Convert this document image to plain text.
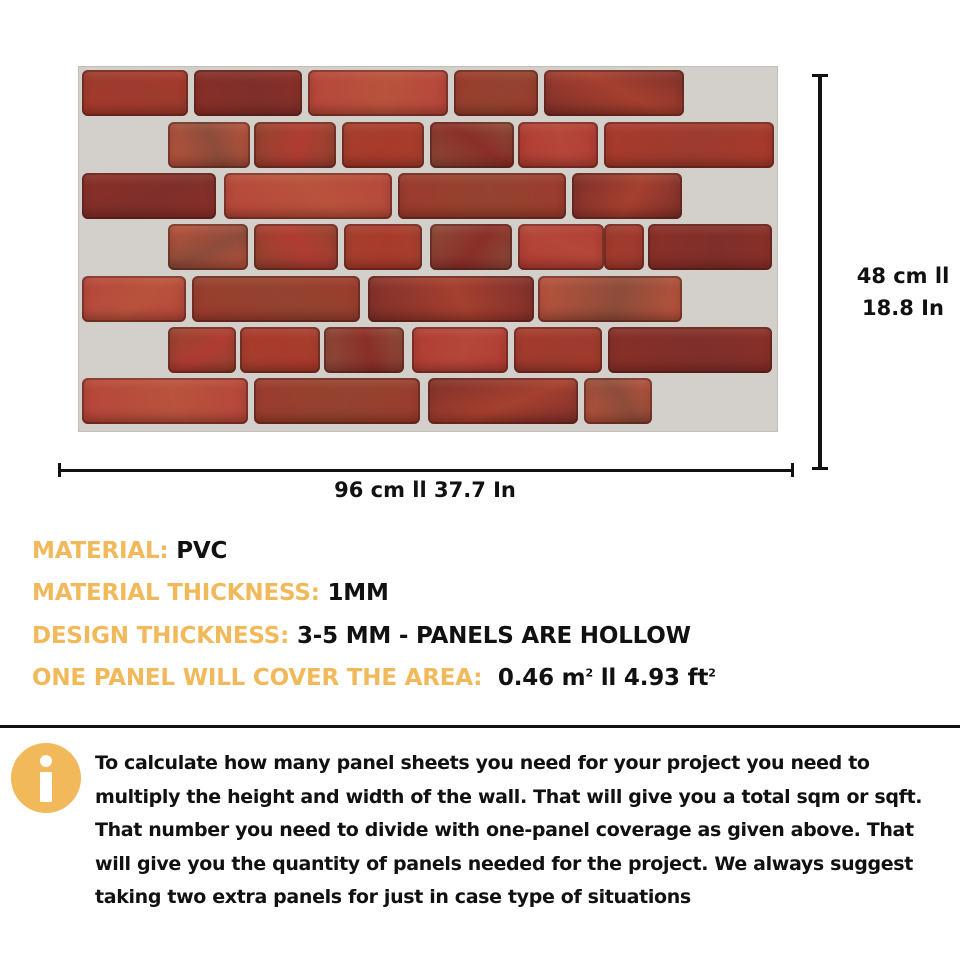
48 cm ll
18.8 In
96 cm ll 37.7 In
MATERIAL: PVC
MATERIAL THICKNESS: 1MM
DESIGN THICKNESS: 3-5 MM - PANELS ARE HOLLOW
ONE PANEL WILL COVER THE AREA: 0.46 $m^2$ ll 4.93 $ft^2$
To calculate how many panel sheets you need for your project you need to multiply the height and width of the wall. That will give you a total sqm or sqft. That number you need to divide with one-panel coverage as given above. That will give you the quantity of panels needed for the project. We always suggest taking two extra panels for just in case type of situations
